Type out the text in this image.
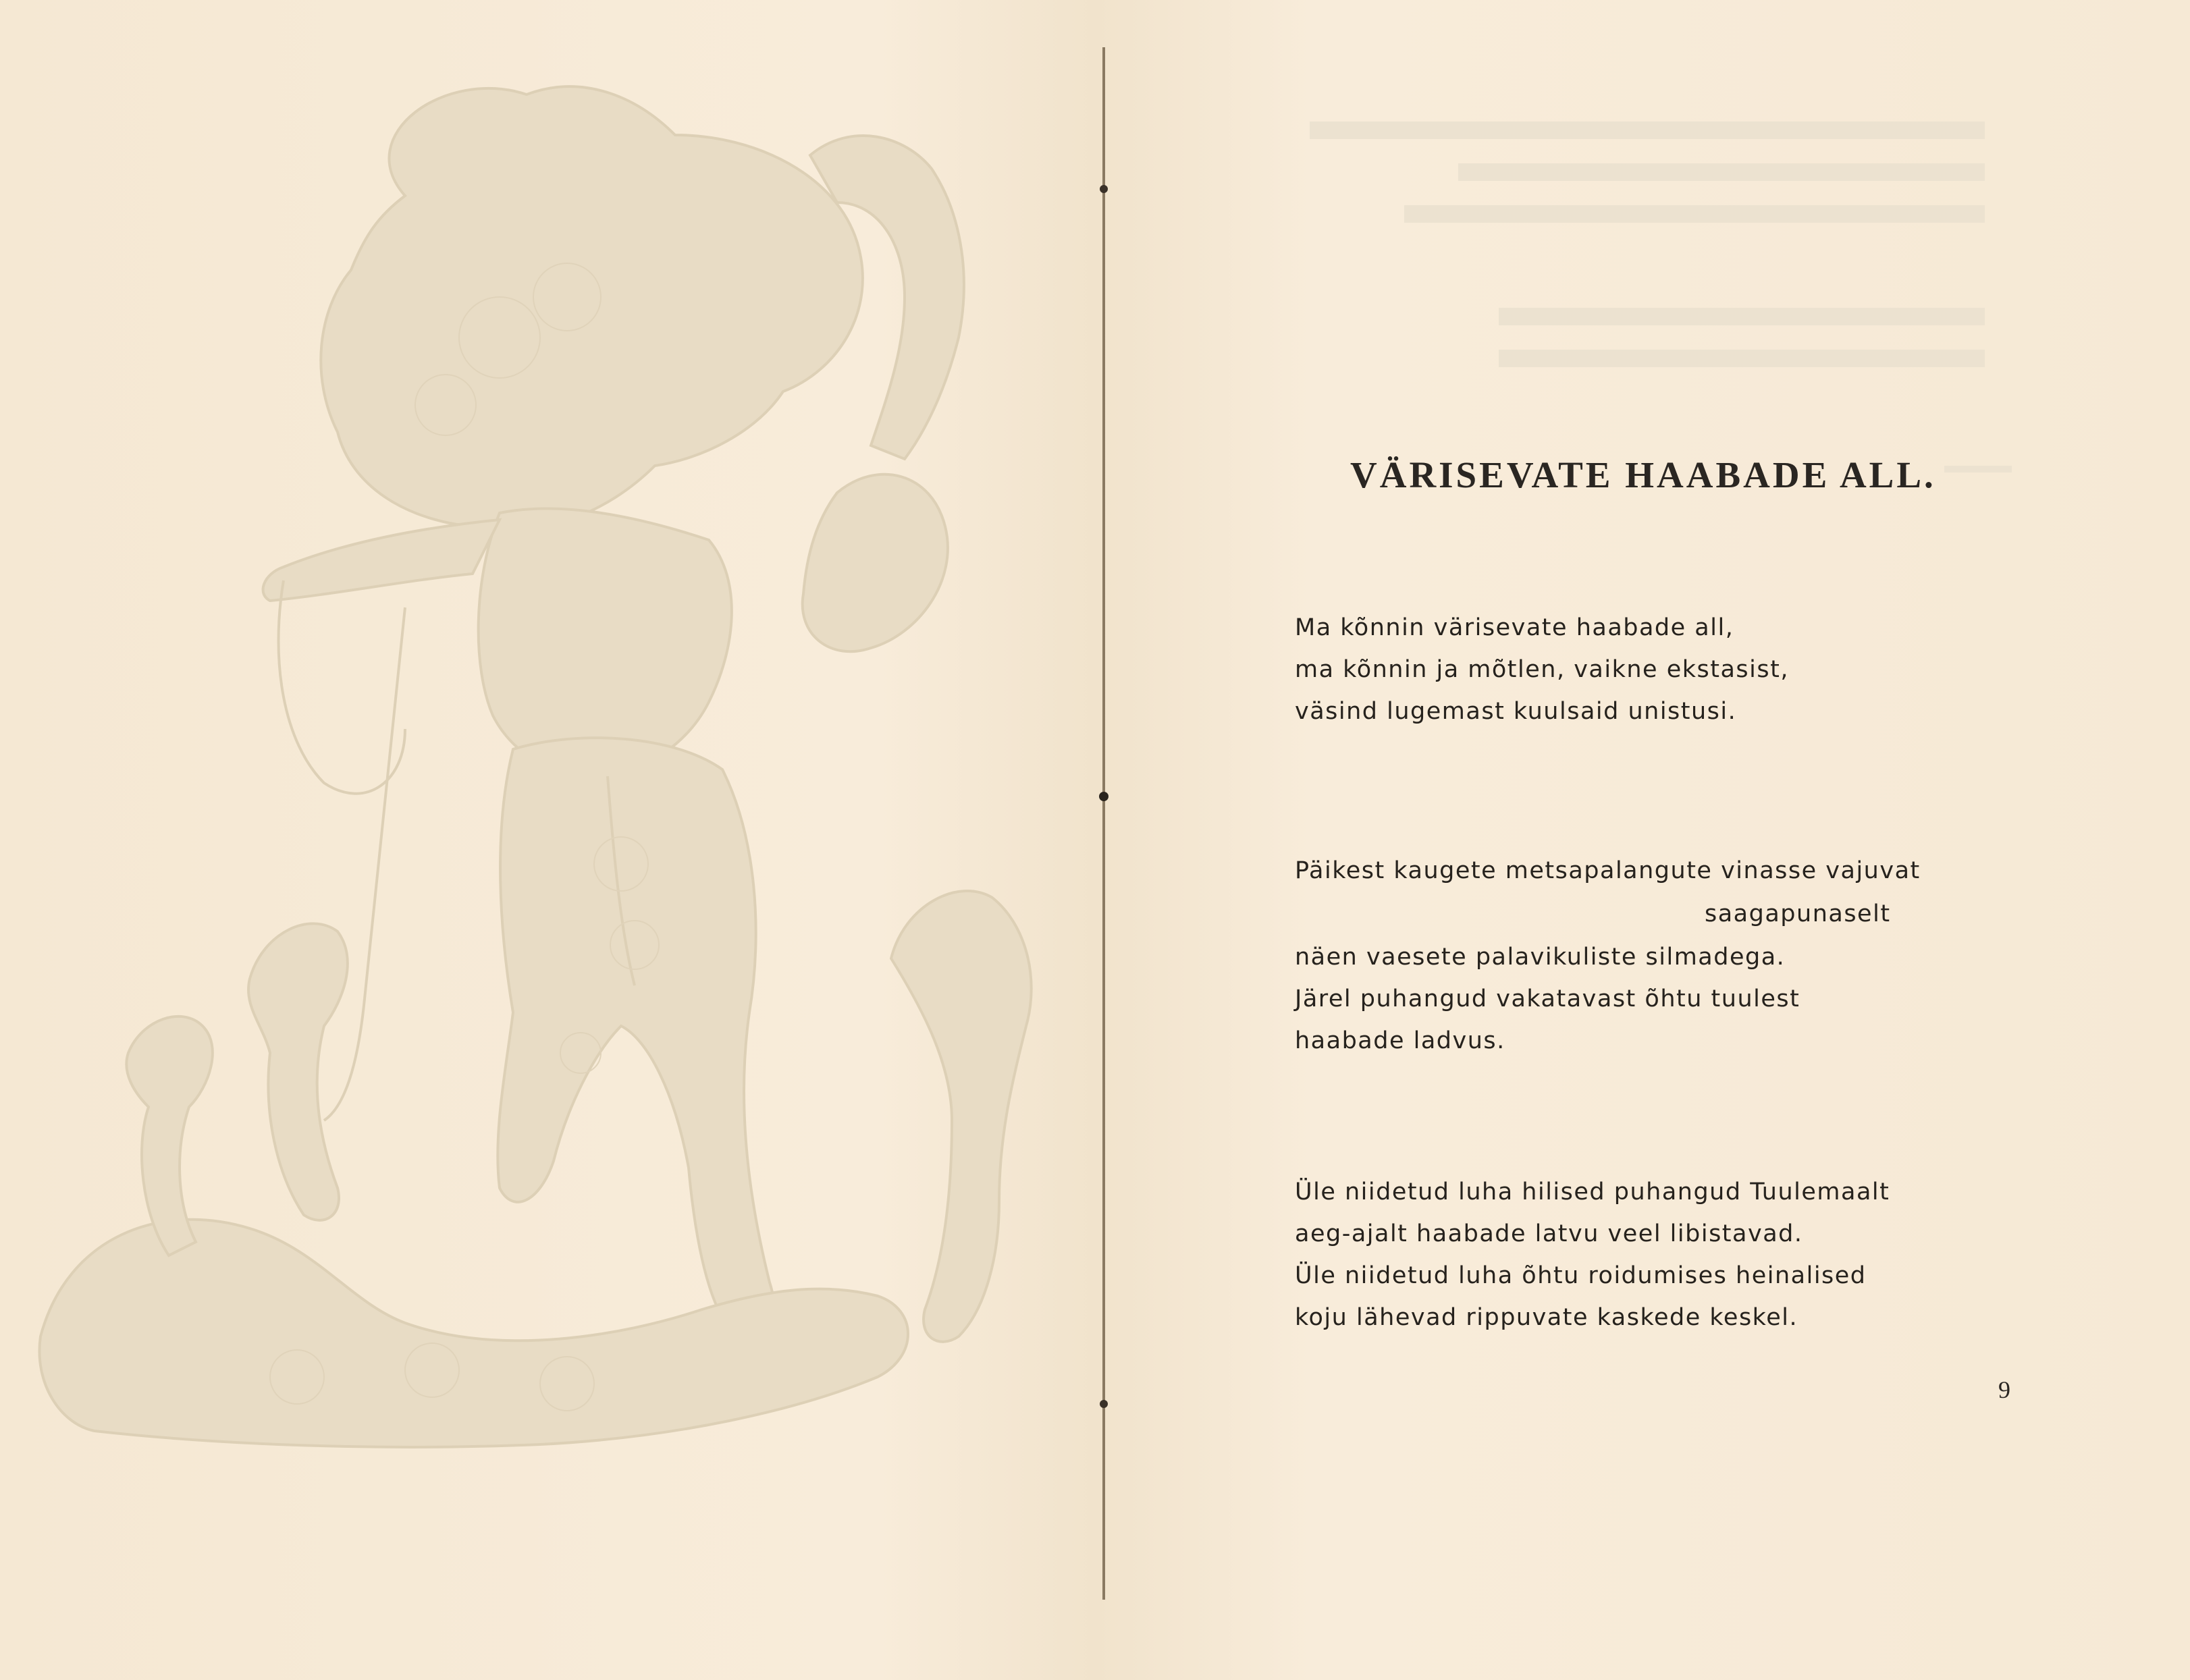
VÄRISEVATE HAABADE ALL.
Ma kõnnin värisevate haabade all,
ma kõnnin ja mõtlen, vaikne ekstasist,
väsind lugemast kuulsaid unistusi.
Päikest kaugete metsapalangute vinasse vajuvat
saagapunaselt
näen vaesete palavikuliste silmadega.
Järel puhangud vakatavast õhtu tuulest
haabade ladvus.
Üle niidetud luha hilised puhangud Tuulemaalt
aeg-ajalt haabade latvu veel libistavad.
Üle niidetud luha õhtu roidumises heinalised
koju lähevad rippuvate kaskede keskel.
9
